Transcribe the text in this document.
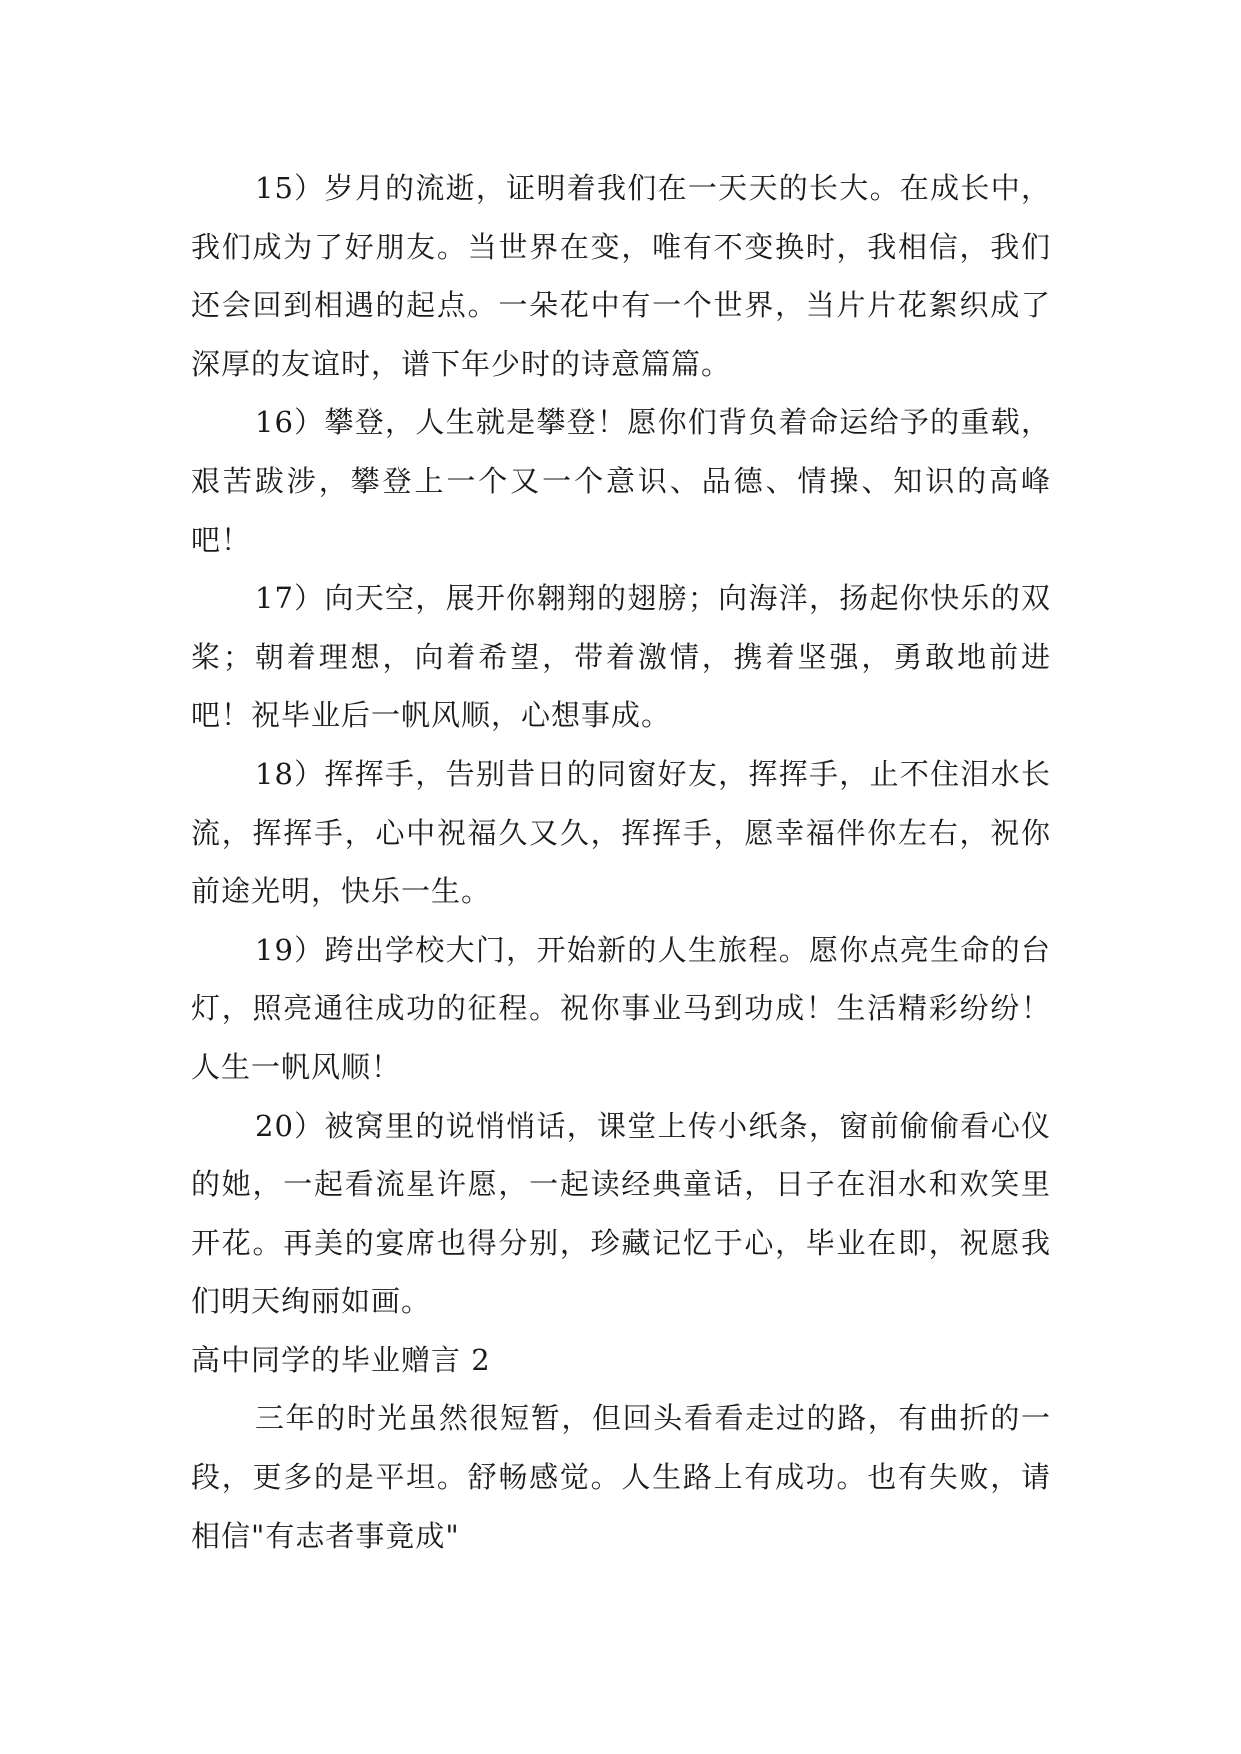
15）岁月的流逝，证明着我们在一天天的长大。在成长中，我们成为了好朋友。当世界在变，唯有不变换时，我相信，我们还会回到相遇的起点。一朵花中有一个世界，当片片花絮织成了深厚的友谊时，谱下年少时的诗意篇篇。

16）攀登，人生就是攀登！愿你们背负着命运给予的重载，艰苦跋涉，攀登上一个又一个意识、品德、情操、知识的高峰吧！

17）向天空，展开你翱翔的翅膀；向海洋，扬起你快乐的双桨；朝着理想，向着希望，带着激情，携着坚强，勇敢地前进吧！祝毕业后一帆风顺，心想事成。

18）挥挥手，告别昔日的同窗好友，挥挥手，止不住泪水长流，挥挥手，心中祝福久又久，挥挥手，愿幸福伴你左右，祝你前途光明，快乐一生。

19）跨出学校大门，开始新的人生旅程。愿你点亮生命的台灯，照亮通往成功的征程。祝你事业马到功成！生活精彩纷纷！人生一帆风顺！

20）被窝里的说悄悄话，课堂上传小纸条，窗前偷偷看心仪的她，一起看流星许愿，一起读经典童话，日子在泪水和欢笑里开花。再美的宴席也得分别，珍藏记忆于心，毕业在即，祝愿我们明天绚丽如画。

高中同学的毕业赠言 2

三年的时光虽然很短暂，但回头看看走过的路，有曲折的一段，更多的是平坦。舒畅感觉。人生路上有成功。也有失败，请相信"有志者事竟成"
